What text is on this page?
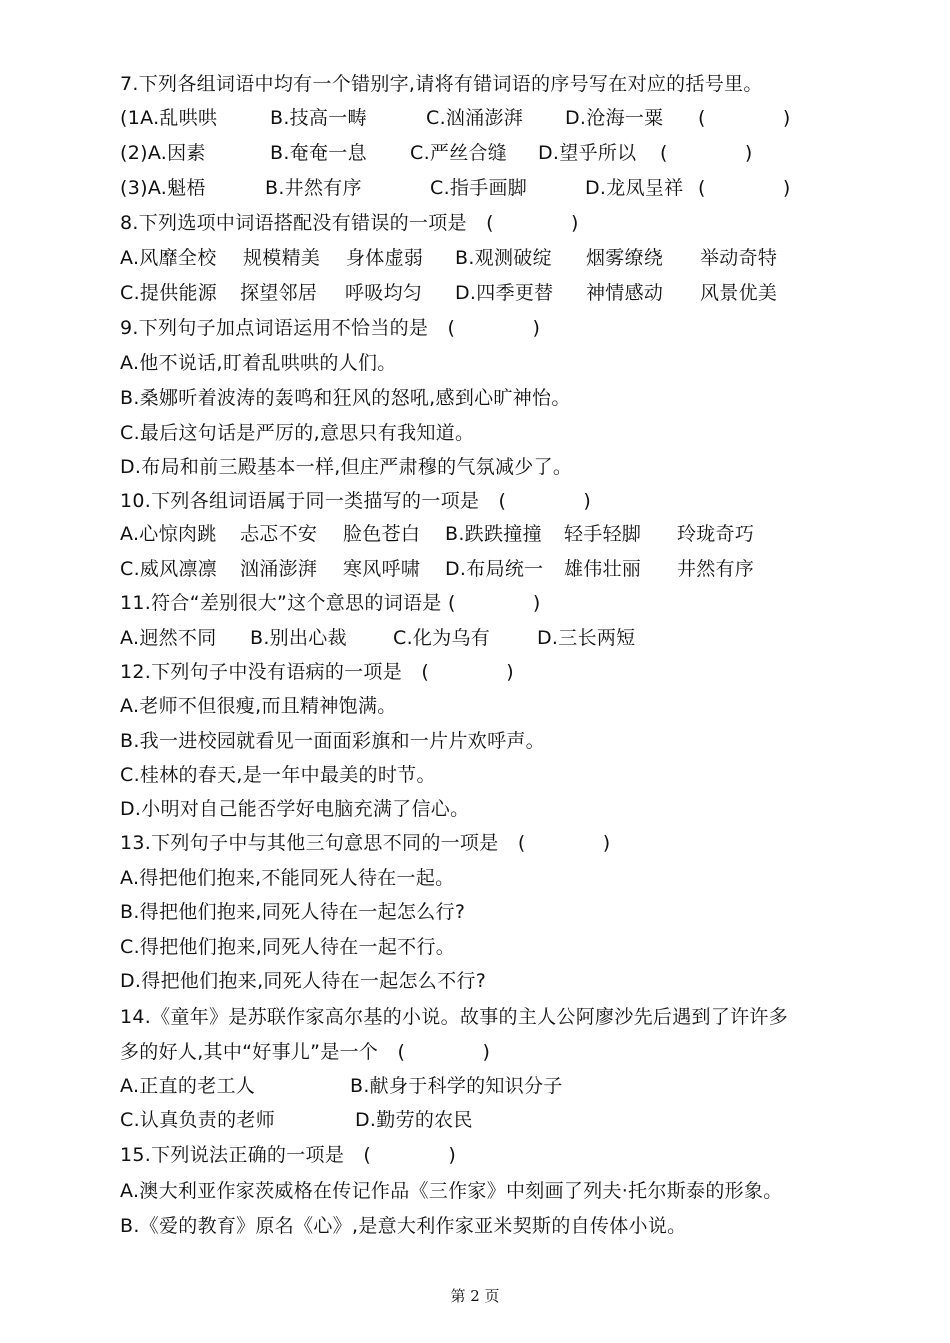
7.下列各组词语中均有一个错别字,请将有错词语的序号写在对应的括号里。
(1A.乱哄哄	B.技高一畴	C.汹涌澎湃 D.沧海一粟 (　　　　)
(2)A.因素	B.奄奄一息 C.严丝合缝 D.望乎所以 (　　　　)
(3)A.魁梧	B.井然有序	C.指手画脚	D.龙凤呈祥 (　　　　)
8.下列选项中词语搭配没有错误的一项是　(　　　　)
A.风靡全校 规模精美 身体虚弱 B.观测破绽 烟雾缭绕 举动奇特
C.提供能源 探望邻居 呼吸均匀 D.四季更替 神情感动 风景优美
9.下列句子加点词语运用不恰当的是　(　　　　)
A.他不说话,盯着乱哄哄的人们。
B.桑娜听着波涛的轰鸣和狂风的怒吼,感到心旷神怡。
C.最后这句话是严厉的,意思只有我知道。
D.布局和前三殿基本一样,但庄严肃穆的气氛减少了。
10.下列各组词语属于同一类描写的一项是　(　　　　)
A.心惊肉跳 忐忑不安 脸色苍白 B.跌跌撞撞 轻手轻脚 玲珑奇巧
C.威风凛凛 汹涌澎湃 寒风呼啸 D.布局统一 雄伟壮丽 井然有序
11.符合“差别很大”这个意思的词语是 (　　　　)
A.迥然不同 B.别出心裁 C.化为乌有 D.三长两短
12.下列句子中没有语病的一项是　(　　　　)
A.老师不但很瘦,而且精神饱满。
B.我一进校园就看见一面面彩旗和一片片欢呼声。
C.桂林的春天,是一年中最美的时节。
D.小明对自己能否学好电脑充满了信心。
13.下列句子中与其他三句意思不同的一项是　(　　　　)
A.得把他们抱来,不能同死人待在一起。
B.得把他们抱来,同死人待在一起怎么行?
C.得把他们抱来,同死人待在一起不行。
D.得把他们抱来,同死人待在一起怎么不行?
14.《童年》是苏联作家高尔基的小说。故事的主人公阿廖沙先后遇到了许许多
多的好人,其中“好事儿”是一个　(　　　　)
A.正直的老工人	B.献身于科学的知识分子
C.认真负责的老师	D.勤劳的农民
15.下列说法正确的一项是　(　　　　)
A.澳大利亚作家茨威格在传记作品《三作家》中刻画了列夫·托尔斯泰的形象。
B.《爱的教育》原名《心》,是意大利作家亚米契斯的自传体小说。
第 2 页
